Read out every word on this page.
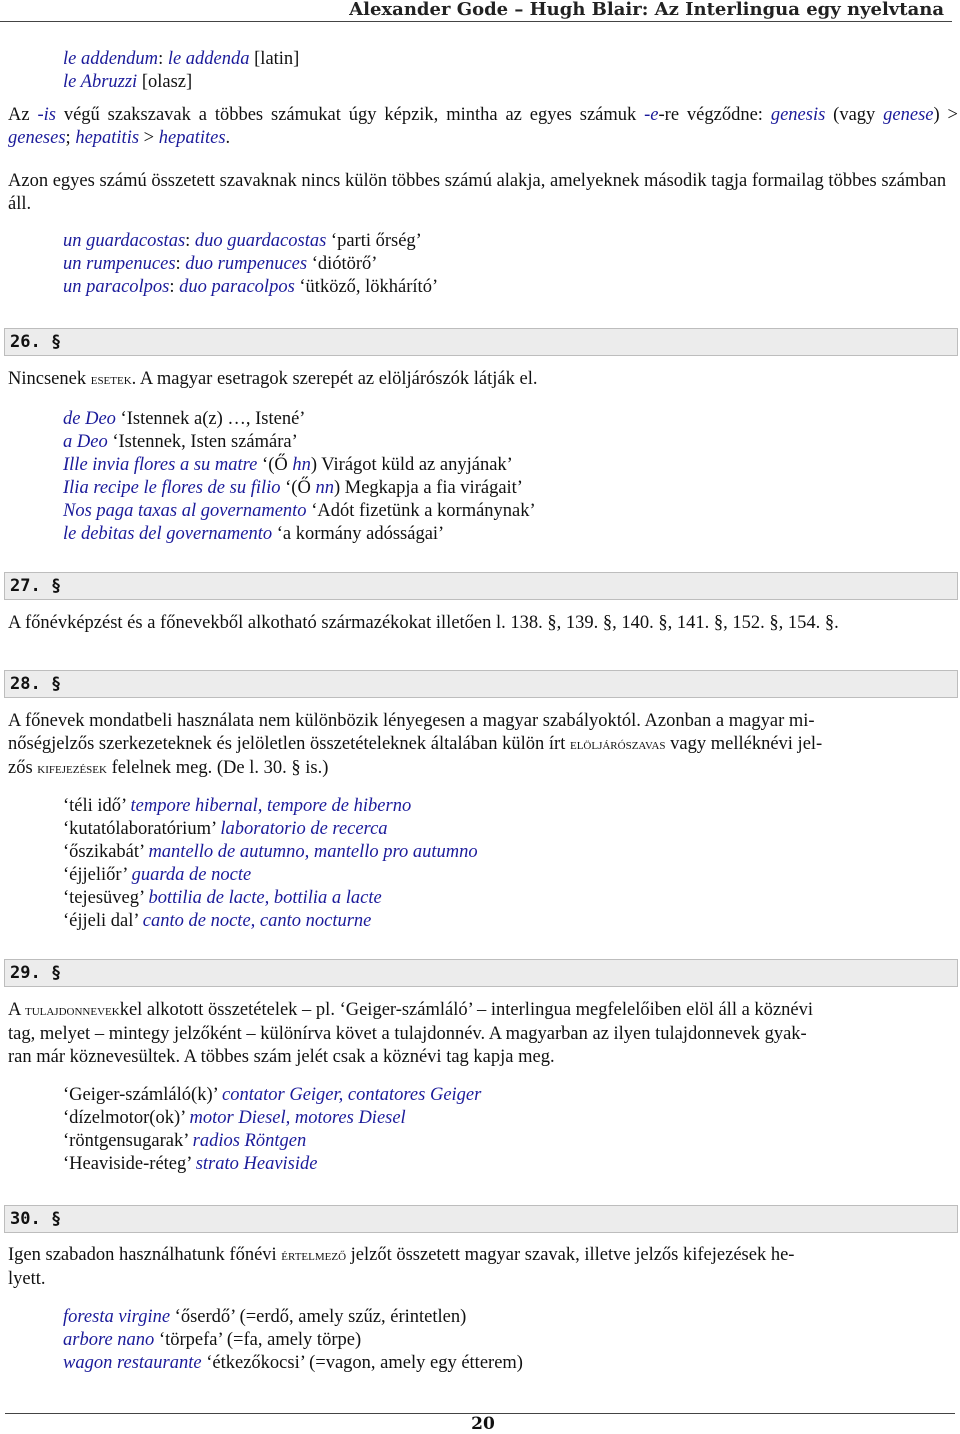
Alexander Gode – Hugh Blair: Az Interlingua egy nyelvtana
le addendum: le addenda [latin]
le Abruzzi [olasz]
Az -is végű szakszavak a többes számukat úgy képzik, mintha az egyes számuk -e-re végződne: genesis (vagy genese) > geneses; hepatitis > hepatites.
Azon egyes számú összetett szavaknak nincs külön többes számú alakja, amelyeknek második tagja formailag többes számban áll.
un guardacostas: duo guardacostas ‘parti őrség’
un rumpenuces: duo rumpenuces ‘diótörő’
un paracolpos: duo paracolpos ‘ütköző, lökhárító’
26. §
Nincsenek esetek. A magyar esetragok szerepét az elöljárószók látják el.
de Deo ‘Istennek a(z) …, Istené’
a Deo ‘Istennek, Isten számára’
Ille invia flores a su matre ‘(Ő hn) Virágot küld az anyjának’
Ilia recipe le flores de su filio ‘(Ő nn) Megkapja a fia virágait’
Nos paga taxas al governamento ‘Adót fizetünk a kormánynak’
le debitas del governamento ‘a kormány adósságai’
27. §
A főnévképzést és a főnevekből alkotható származékokat illetően l. 138. §, 139. §, 140. §, 141. §, 152. §, 154. §.
28. §
A főnevek mondatbeli használata nem különbözik lényegesen a magyar szabályoktól. Azonban a magyar mi-
nőségjelzős szerkezeteknek és jelöletlen összetételeknek általában külön írt elöljárószavas vagy melléknévi jel-
zős kifejezések felelnek meg. (De l. 30. § is.)
‘téli idő’ tempore hibernal, tempore de hiberno
‘kutatólaboratórium’ laboratorio de recerca
‘őszikabát’ mantello de autumno, mantello pro autumno
‘éjjeliőr’ guarda de nocte
‘tejesüveg’ bottilia de lacte, bottilia a lacte
‘éjjeli dal’ canto de nocte, canto nocturne
29. §
A tulajdonnevekkel alkotott összetételek – pl. ‘Geiger-számláló’ – interlingua megfelelőiben elöl áll a köznévi
tag, melyet – mintegy jelzőként – különírva követ a tulajdonnév. A magyarban az ilyen tulajdonnevek gyak-
ran már köznevesültek. A többes szám jelét csak a köznévi tag kapja meg.
‘Geiger-számláló(k)’ contator Geiger, contatores Geiger
‘dízelmotor(ok)’ motor Diesel, motores Diesel
‘röntgensugarak’ radios Röntgen
‘Heaviside-réteg’ strato Heaviside
30. §
Igen szabadon használhatunk főnévi értelmező jelzőt összetett magyar szavak, illetve jelzős kifejezések he-
lyett.
foresta virgine ‘őserdő’ (=erdő, amely szűz, érintetlen)
arbore nano ‘törpefa’ (=fa, amely törpe)
wagon restaurante ‘étkezőkocsi’ (=vagon, amely egy étterem)
20
